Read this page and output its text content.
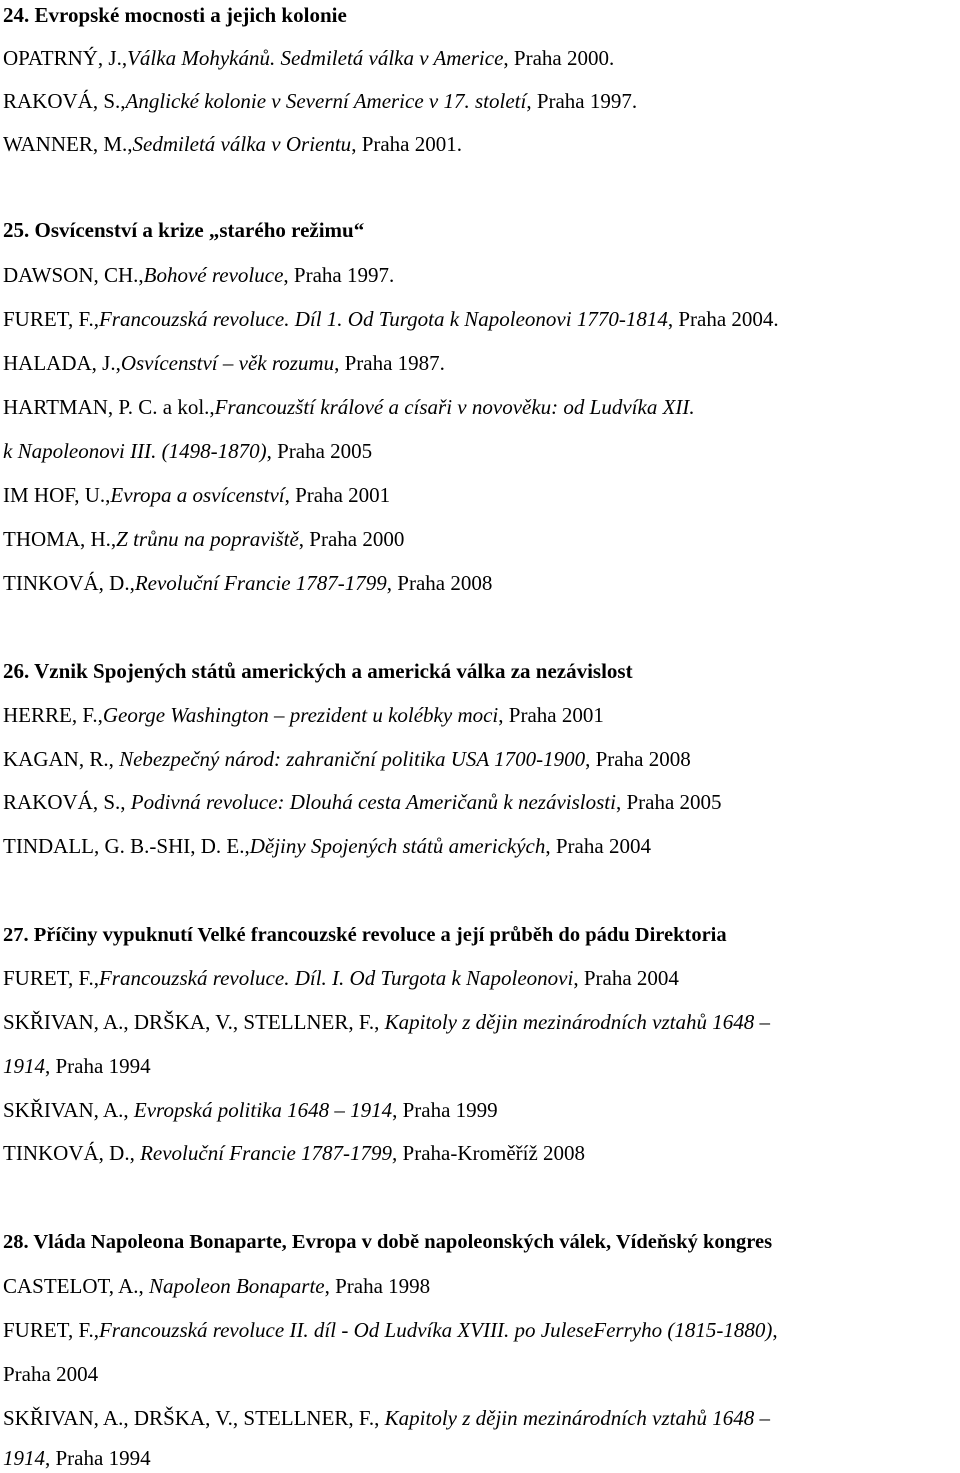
24. Evropské mocnosti a jejich kolonie
OPATRNÝ, J.,Válka Mohykánů. Sedmiletá válka v Americe, Praha 2000.
RAKOVÁ, S.,Anglické kolonie v Severní Americe v 17. století, Praha 1997.
WANNER, M.,Sedmiletá válka v Orientu, Praha 2001.
25. Osvícenství a krize „starého režimu“
DAWSON, CH.,Bohové revoluce, Praha 1997.
FURET, F.,Francouzská revoluce. Díl 1. Od Turgota k Napoleonovi 1770-1814, Praha 2004.
HALADA, J.,Osvícenství – věk rozumu, Praha 1987.
HARTMAN, P. C. a kol.,Francouzští králové a císaři v novověku: od Ludvíka XII.
k Napoleonovi III. (1498-1870), Praha 2005
IM HOF, U.,Evropa a osvícenství, Praha 2001
THOMA, H.,Z trůnu na popraviště, Praha 2000
TINKOVÁ, D.,Revoluční Francie 1787-1799, Praha 2008
26. Vznik Spojených států amerických a americká válka za nezávislost
HERRE, F.,George Washington – prezident u kolébky moci, Praha 2001
KAGAN, R., Nebezpečný národ: zahraniční politika USA 1700-1900, Praha 2008
RAKOVÁ, S., Podivná revoluce: Dlouhá cesta Američanů k nezávislosti, Praha 2005
TINDALL, G. B.-SHI, D. E.,Dějiny Spojených států amerických, Praha 2004
27. Příčiny vypuknutí Velké francouzské revoluce a její průběh do pádu Direktoria
FURET, F.,Francouzská revoluce. Díl. I. Od Turgota k Napoleonovi, Praha 2004
SKŘIVAN, A., DRŠKA, V., STELLNER, F., Kapitoly z dějin mezinárodních vztahů 1648 –
1914, Praha 1994
SKŘIVAN, A., Evropská politika 1648 – 1914, Praha 1999
TINKOVÁ, D., Revoluční Francie 1787-1799, Praha-Kroměříž 2008
28. Vláda Napoleona Bonaparte, Evropa v době napoleonských válek, Vídeňský kongres
CASTELOT, A., Napoleon Bonaparte, Praha 1998
FURET, F.,Francouzská revoluce II. díl - Od Ludvíka XVIII. po JuleseFerryho (1815-1880),
Praha 2004
SKŘIVAN, A., DRŠKA, V., STELLNER, F., Kapitoly z dějin mezinárodních vztahů 1648 –
1914, Praha 1994
